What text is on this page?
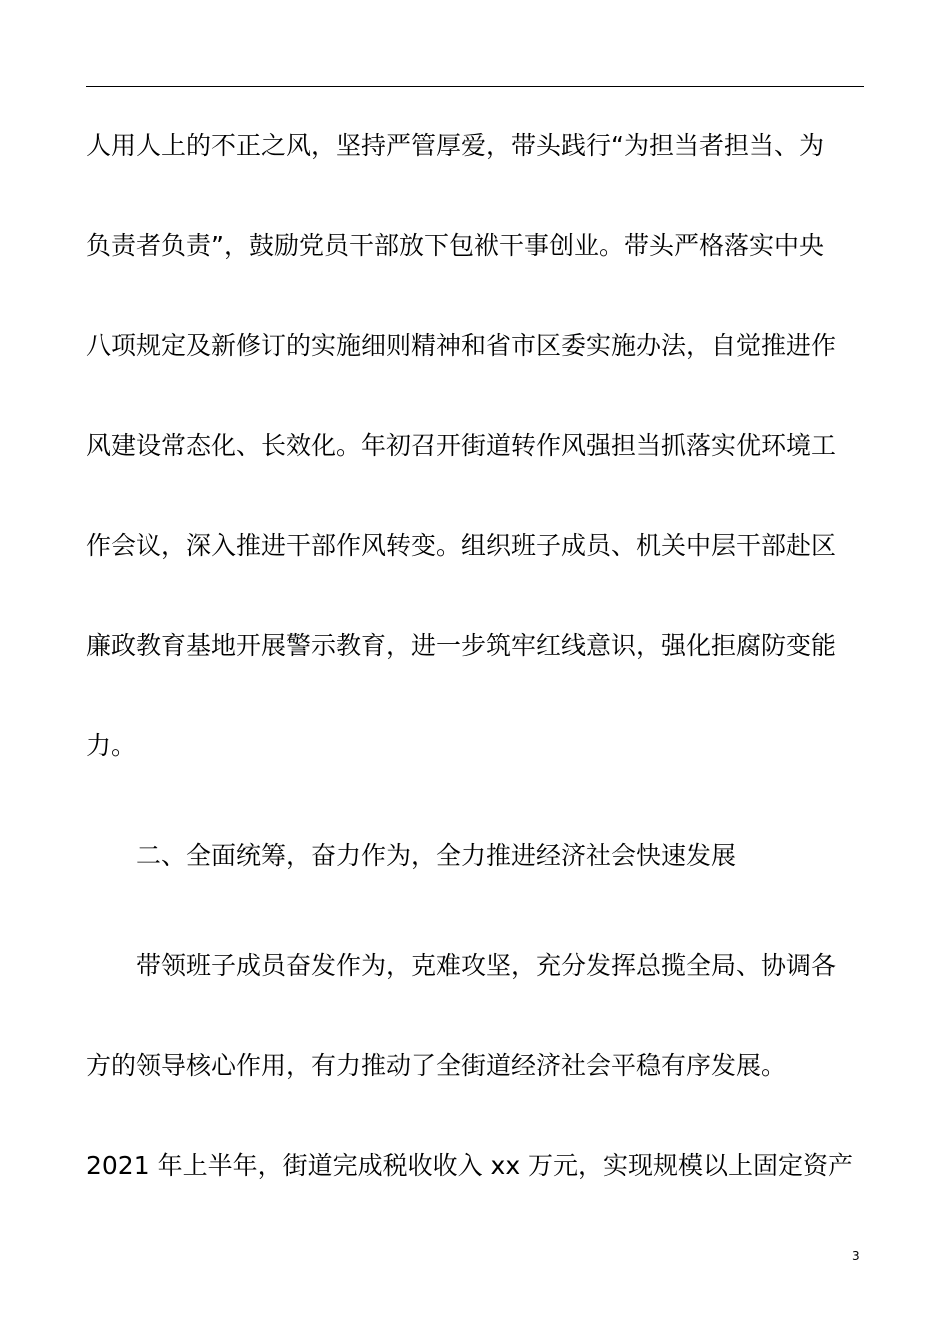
人用人上的不正之风，坚持严管厚爱，带头践行“为担当者担当、为
负责者负责”，鼓励党员干部放下包袱干事创业。带头严格落实中央
八项规定及新修订的实施细则精神和省市区委实施办法，自觉推进作
风建设常态化、长效化。年初召开街道转作风强担当抓落实优环境工
作会议，深入推进干部作风转变。组织班子成员、机关中层干部赴区
廉政教育基地开展警示教育，进一步筑牢红线意识，强化拒腐防变能
力。
二、全面统筹，奋力作为，全力推进经济社会快速发展
带领班子成员奋发作为，克难攻坚，充分发挥总揽全局、协调各
方的领导核心作用，有力推动了全街道经济社会平稳有序发展。
2021 年上半年，街道完成税收收入 xx 万元，实现规模以上固定资产
3
